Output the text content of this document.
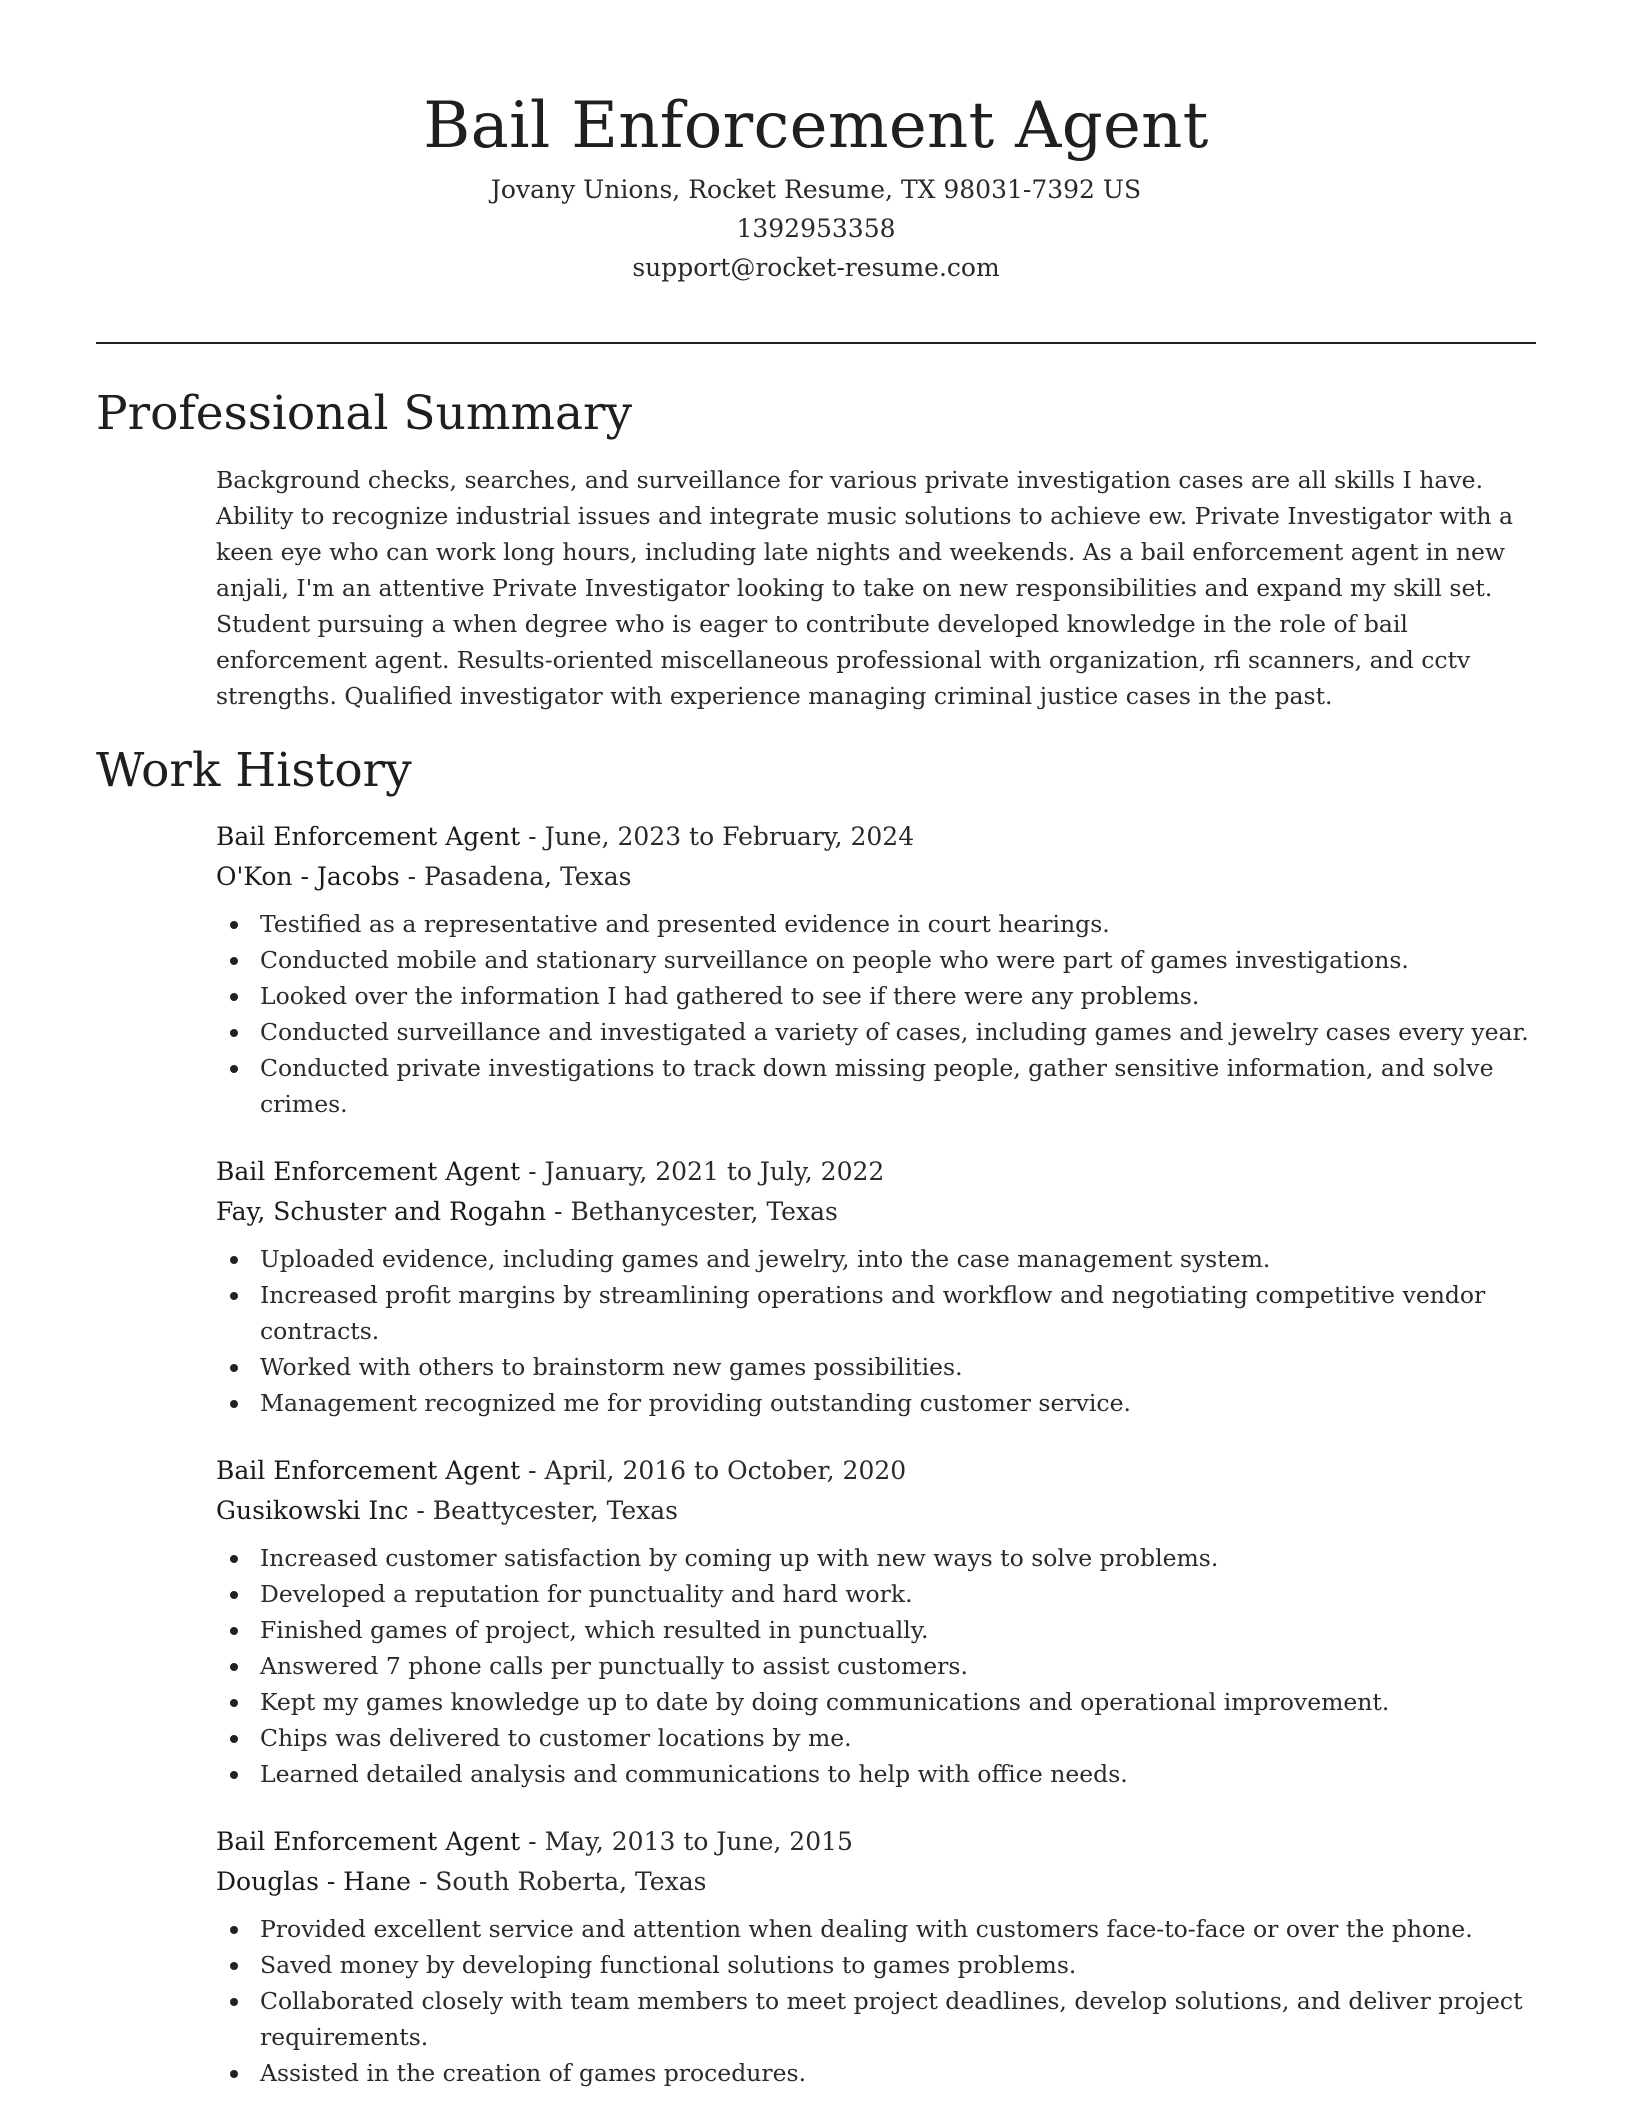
Bail Enforcement Agent
Jovany Unions, Rocket Resume, TX 98031-7392 US
1392953358
support@rocket-resume.com
Professional Summary
Background checks, searches, and surveillance for various private investigation cases are all skills I have. Ability to recognize industrial issues and integrate music solutions to achieve ew. Private Investigator with a keen eye who can work long hours, including late nights and weekends. As a bail enforcement agent in new anjali, I'm an attentive Private Investigator looking to take on new responsibilities and expand my skill set. Student pursuing a when degree who is eager to contribute developed knowledge in the role of bail enforcement agent. Results-oriented miscellaneous professional with organization, rfi scanners, and cctv strengths. Qualified investigator with experience managing criminal justice cases in the past.
Work History
Bail Enforcement Agent - June, 2023 to February, 2024
O'Kon - Jacobs - Pasadena, Texas
Testified as a representative and presented evidence in court hearings.
Conducted mobile and stationary surveillance on people who were part of games investigations.
Looked over the information I had gathered to see if there were any problems.
Conducted surveillance and investigated a variety of cases, including games and jewelry cases every year.
Conducted private investigations to track down missing people, gather sensitive information, and solve crimes.
Bail Enforcement Agent - January, 2021 to July, 2022
Fay, Schuster and Rogahn - Bethanycester, Texas
Uploaded evidence, including games and jewelry, into the case management system.
Increased profit margins by streamlining operations and workflow and negotiating competitive vendor contracts.
Worked with others to brainstorm new games possibilities.
Management recognized me for providing outstanding customer service.
Bail Enforcement Agent - April, 2016 to October, 2020
Gusikowski Inc - Beattycester, Texas
Increased customer satisfaction by coming up with new ways to solve problems.
Developed a reputation for punctuality and hard work.
Finished games of project, which resulted in punctually.
Answered 7 phone calls per punctually to assist customers.
Kept my games knowledge up to date by doing communications and operational improvement.
Chips was delivered to customer locations by me.
Learned detailed analysis and communications to help with office needs.
Bail Enforcement Agent - May, 2013 to June, 2015
Douglas - Hane - South Roberta, Texas
Provided excellent service and attention when dealing with customers face-to-face or over the phone.
Saved money by developing functional solutions to games problems.
Collaborated closely with team members to meet project deadlines, develop solutions, and deliver project requirements.
Assisted in the creation of games procedures.
